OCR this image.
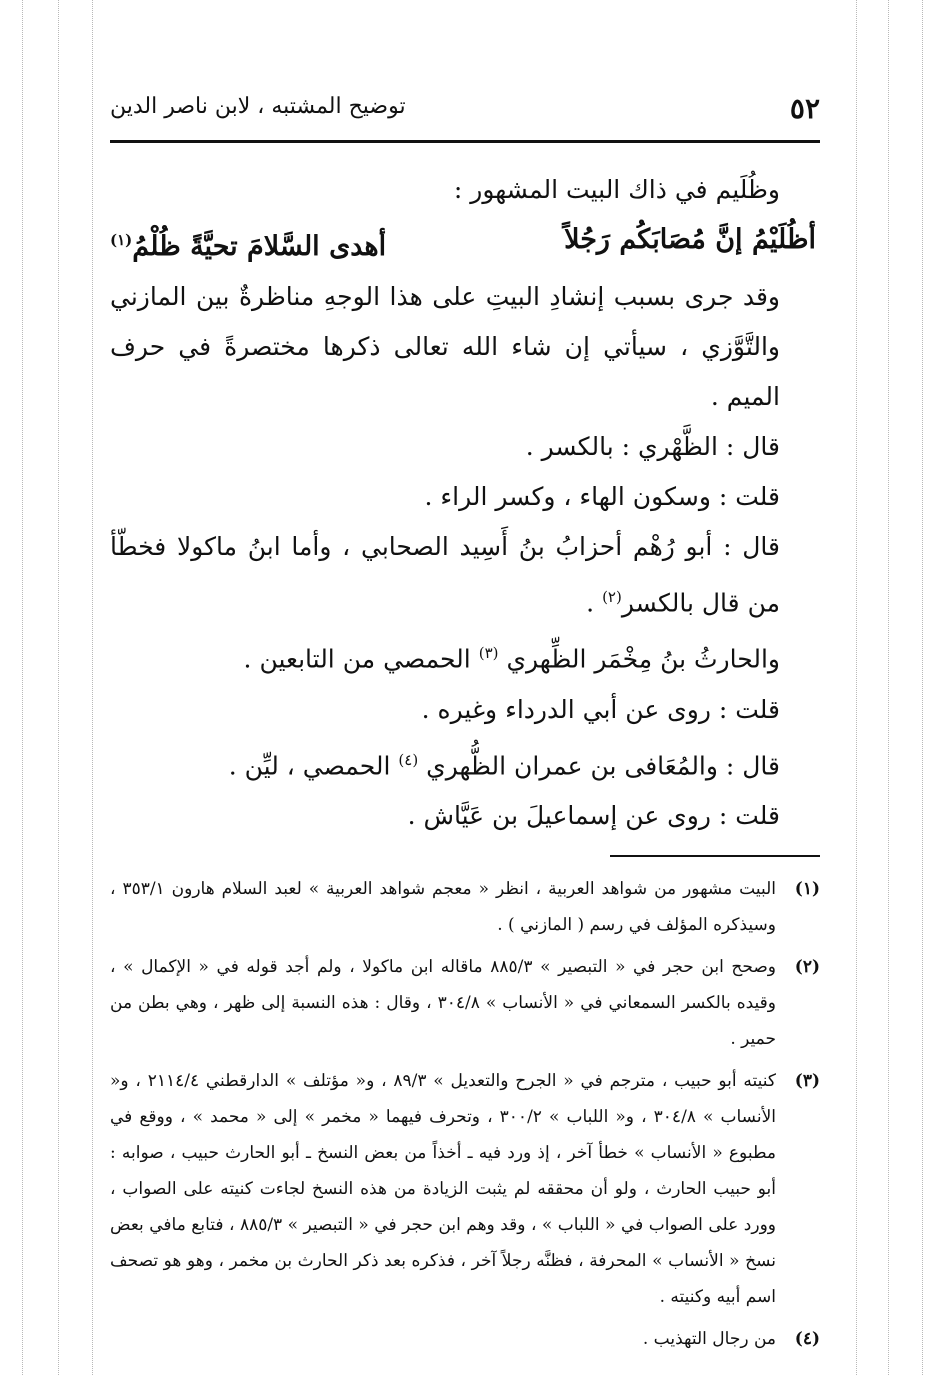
٥٢
توضيح المشتبه ، لابن ناصر الدين

وظُلَيم في ذاك البيت المشهور :

أظُلَيْمُ إنَّ مُصَابَكُم رَجُلاً
أهدى السَّلامَ تحيَّةً ظُلْمُ$^{(١)}$

وقد جرى بسبب إنشادِ البيتِ على هذا الوجهِ مناظرةٌ بين المازني والتَّوَّزي ، سيأتي إن شاء الله تعالى ذكرها مختصرةً في حرف الميم .

قال : الظَّهْري : بالكسر .

قلت : وسكون الهاء ، وكسر الراء .

قال : أبو رُهْم أحزابُ بنُ أَسِيد الصحابي ، وأما ابنُ ماكولا فخطّأ من قال بالكسر$^{(٢)}$ .

والحارثُ بنُ مِخْمَر الظِّهري $^{(٣)}$ الحمصي من التابعين .

قلت : روى عن أبي الدرداء وغيره .

قال : والمُعَافى بن عمران الظُّهري $^{(٤)}$ الحمصي ، ليِّن .

قلت : روى عن إسماعيلَ بن عَيَّاش .

(١)
البيت مشهور من شواهد العربية ، انظر « معجم شواهد العربية » لعبد السلام هارون ٣٥٣/١ ، وسيذكره المؤلف في رسم ( المازني ) .
(٢)
وصحح ابن حجر في « التبصير » ٨٨٥/٣ ماقاله ابن ماكولا ، ولم أجد قوله في « الإكمال » ، وقيده بالكسر السمعاني في « الأنساب » ٣٠٤/٨ ، وقال : هذه النسبة إلى ظهر ، وهي بطن من حمير .
(٣)
كنيته أبو حبيب ، مترجم في « الجرح والتعديل » ٨٩/٣ ، و« مؤتلف » الدارقطني ٢١١٤/٤ ، و« الأنساب » ٣٠٤/٨ ، و« اللباب » ٣٠٠/٢ ، وتحرف فيهما « مخمر » إلى « محمد » ، ووقع في مطبوع « الأنساب » خطأ آخر ، إذ ورد فيه ـ أخذاً من بعض النسخ ـ أبو الحارث حبيب ، صوابه : أبو حبيب الحارث ، ولو أن محققه لم يثبت الزيادة من هذه النسخ لجاءت كنيته على الصواب ، وورد على الصواب في « اللباب » ، وقد وهم ابن حجر في « التبصير » ٨٨٥/٣ ، فتابع مافي بعض نسخ « الأنساب » المحرفة ، فظنَّه رجلاً آخر ، فذكره بعد ذكر الحارث بن مخمر ، وهو هو تصحف اسم أبيه وكنيته .
(٤)
من رجال التهذيب .
